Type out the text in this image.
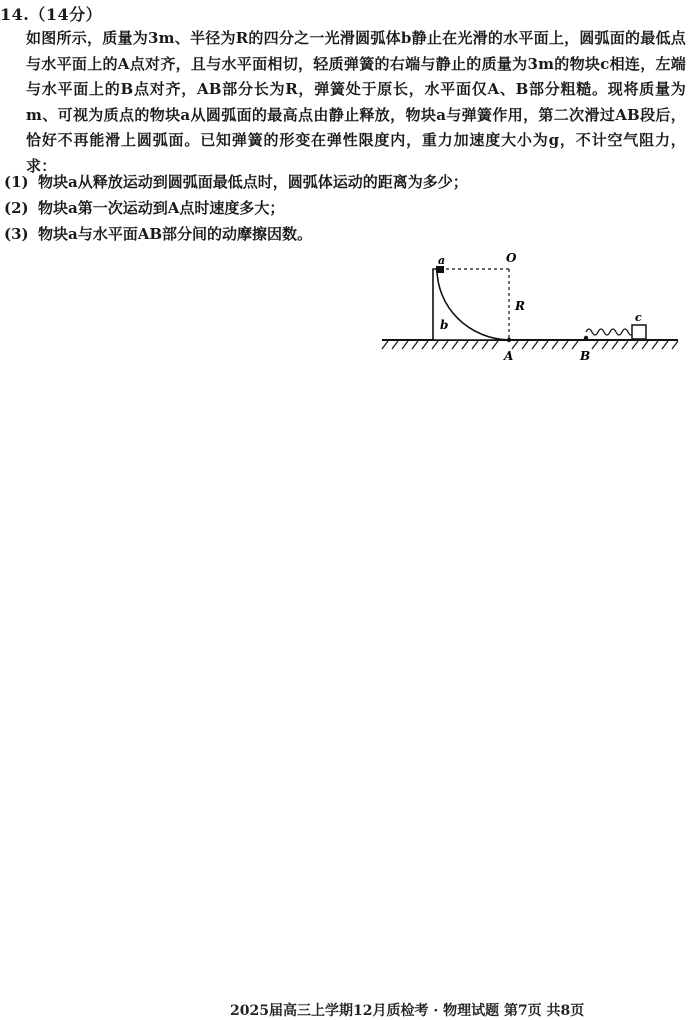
14.（14分）

如图所示，质量为3m、半径为R的四分之一光滑圆弧体b静止在光滑的水平面上，圆弧面的最低点与水平面上的A点对齐，且与水平面相切，轻质弹簧的右端与静止的质量为3m的物块c相连，左端与水平面上的B点对齐，AB部分长为R，弹簧处于原长，水平面仅A、B部分粗糙。现将质量为m、可视为质点的物块a从圆弧面的最高点由静止释放，物块a与弹簧作用，第二次滑过AB段后，恰好不再能滑上圆弧面。已知弹簧的形变在弹性限度内，重力加速度大小为g，不计空气阻力，求：

(1) 物块a从释放运动到圆弧面最低点时，圆弧体运动的距离为多少；
(2) 物块a第一次运动到A点时速度多大；
(3) 物块a与水平面AB部分间的动摩擦因数。
a	O
R
b
c
A	B
2025届高三上学期12月质检考 · 物理试题 第7页 共8页
